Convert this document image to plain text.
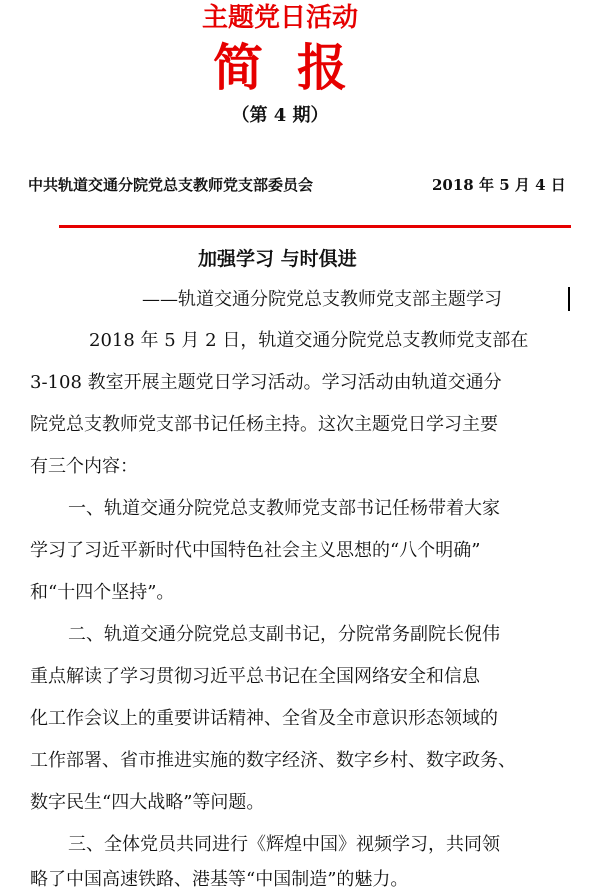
主题党日活动
简报
（第 4 期）
中共轨道交通分院党总支教师党支部委员会	2018 年 5 月 4 日
加强学习 与时俱进
——轨道交通分院党总支教师党支部主题学习
2018 年 5 月 2 日，轨道交通分院党总支教师党支部在
3-108 教室开展主题党日学习活动。学习活动由轨道交通分
院党总支教师党支部书记任杨主持。这次主题党日学习主要
有三个内容：
一、轨道交通分院党总支教师党支部书记任杨带着大家
学习了习近平新时代中国特色社会主义思想的“八个明确”
和“十四个坚持”。
二、轨道交通分院党总支副书记，分院常务副院长倪伟
重点解读了学习贯彻习近平总书记在全国网络安全和信息
化工作会议上的重要讲话精神、全省及全市意识形态领域的
工作部署、省市推进实施的数字经济、数字乡村、数字政务、
数字民生“四大战略”等问题。
三、全体党员共同进行《辉煌中国》视频学习，共同领
略了中国高速铁路、港基等“中国制造”的魅力。
